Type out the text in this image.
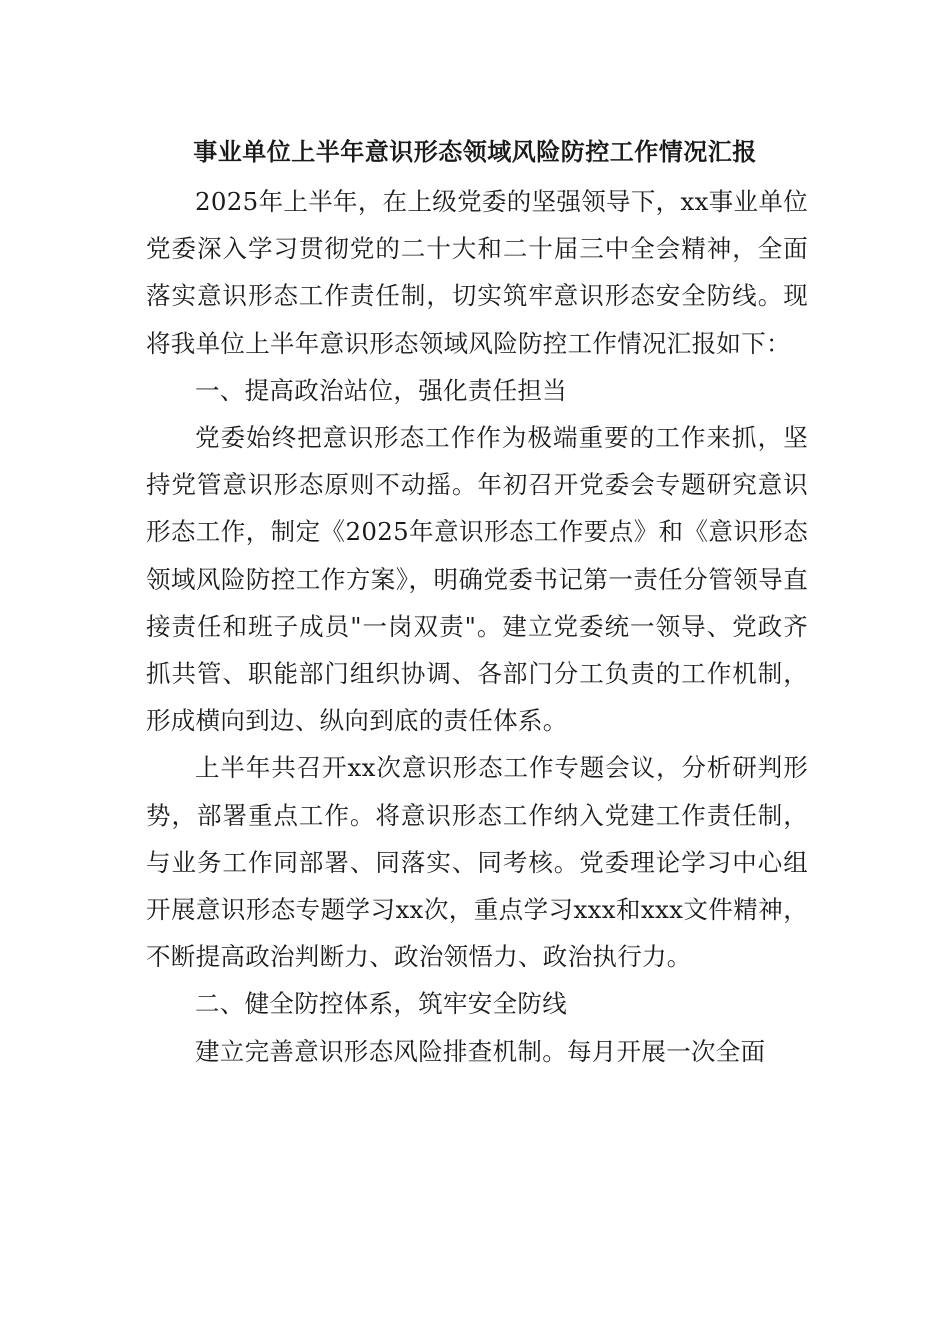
事业单位上半年意识形态领域风险防控工作情况汇报

2025年上半年，在上级党委的坚强领导下，xx事业单位党委深入学习贯彻党的二十大和二十届三中全会精神，全面落实意识形态工作责任制，切实筑牢意识形态安全防线。现将我单位上半年意识形态领域风险防控工作情况汇报如下：

一、提高政治站位，强化责任担当

党委始终把意识形态工作作为极端重要的工作来抓，坚持党管意识形态原则不动摇。年初召开党委会专题研究意识形态工作，制定《2025年意识形态工作要点》和《意识形态领域风险防控工作方案》，明确党委书记第一责任分管领导直接责任和班子成员"一岗双责"。建立党委统一领导、党政齐抓共管、职能部门组织协调、各部门分工负责的工作机制，形成横向到边、纵向到底的责任体系。

上半年共召开xx次意识形态工作专题会议，分析研判形势，部署重点工作。将意识形态工作纳入党建工作责任制，与业务工作同部署、同落实、同考核。党委理论学习中心组开展意识形态专题学习xx次，重点学习xxx和xxx文件精神，不断提高政治判断力、政治领悟力、政治执行力。

二、健全防控体系，筑牢安全防线

建立完善意识形态风险排查机制。每月开展一次全面
